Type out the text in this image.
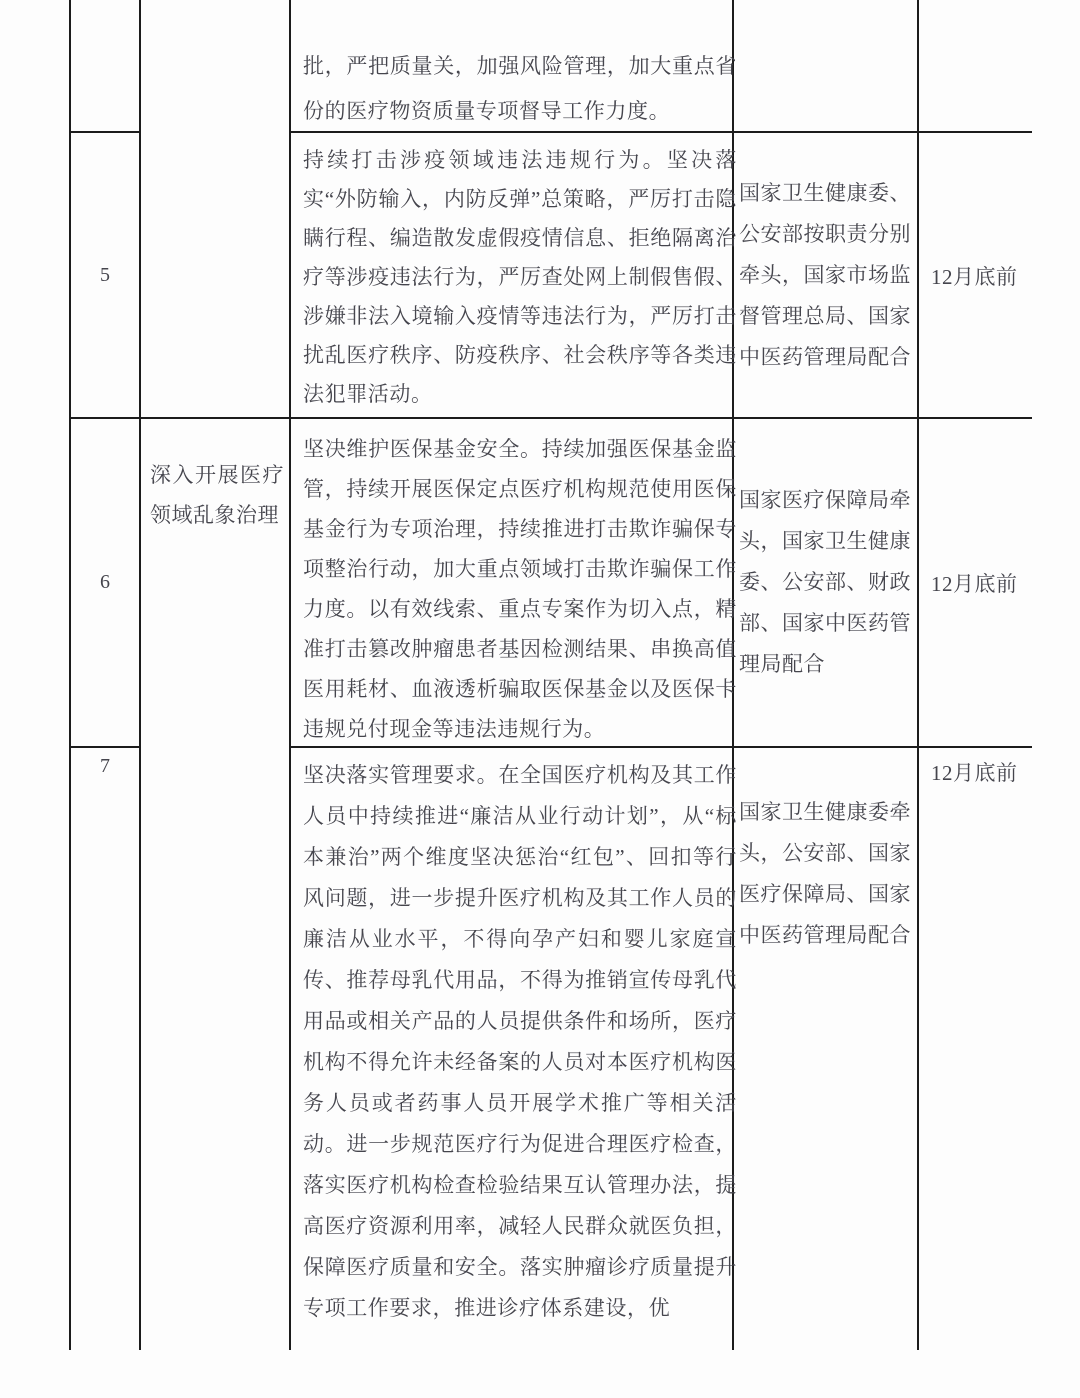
批，严把质量关，加强风险管理，加大重点省份的医疗物资质量专项督导工作力度。
5
持续打击涉疫领域违法违规行为。坚决落实“外防输入，内防反弹”总策略，严厉打击隐瞒行程、编造散发虚假疫情信息、拒绝隔离治疗等涉疫违法行为，严厉查处网上制假售假、涉嫌非法入境输入疫情等违法行为，严厉打击扰乱医疗秩序、防疫秩序、社会秩序等各类违法犯罪活动。
国家卫生健康委、公安部按职责分别牵头，国家市场监督管理总局、国家中医药管理局配合
12月底前
6
深入开展医疗领域乱象治理
坚决维护医保基金安全。持续加强医保基金监管，持续开展医保定点医疗机构规范使用医保基金行为专项治理，持续推进打击欺诈骗保专项整治行动，加大重点领域打击欺诈骗保工作力度。以有效线索、重点专案作为切入点，精准打击篡改肿瘤患者基因检测结果、串换高值医用耗材、血液透析骗取医保基金以及医保卡违规兑付现金等违法违规行为。
国家医疗保障局牵头，国家卫生健康委、公安部、财政部、国家中医药管理局配合
12月底前
7	坚决落实管理要求。在全国医疗机构及其工作人员中持续推进“廉洁从业行动计划”，从“标本兼治”两个维度坚决惩治“红包”、回扣等行风问题，进一步提升医疗机构及其工作人员的廉洁从业水平，不得向孕产妇和婴儿家庭宣传、推荐母乳代用品，不得为推销宣传母乳代用品或相关产品的人员提供条件和场所，医疗机构不得允许未经备案的人员对本医疗机构医务人员或者药事人员开展学术推广等相关活动。进一步规范医疗行为促进合理医疗检查，落实医疗机构检查检验结果互认管理办法，提高医疗资源利用率，减轻人民群众就医负担，保障医疗质量和安全。落实肿瘤诊疗质量提升专项工作要求，推进诊疗体系建设，优
国家卫生健康委牵头，公安部、国家医疗保障局、国家中医药管理局配合
12月底前
